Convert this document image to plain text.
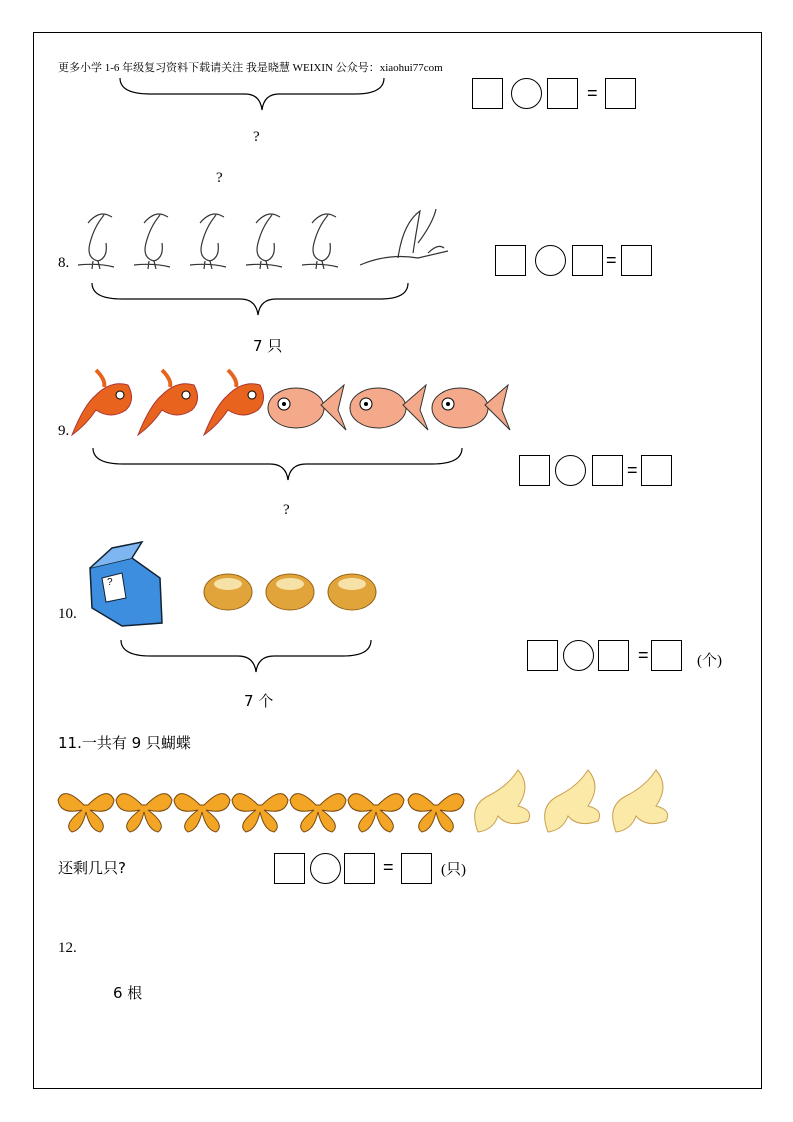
更多小学 1-6 年级复习资料下载请关注 我是晓慧 WEIXIN 公众号：xiaohui77com
?
?
=
8.
7 只
=
9.
?
=
10.
?
7 个
=	(个)
11.一共有 9 只蝴蝶
还剩几只?	=	(只)
12.
6 根
